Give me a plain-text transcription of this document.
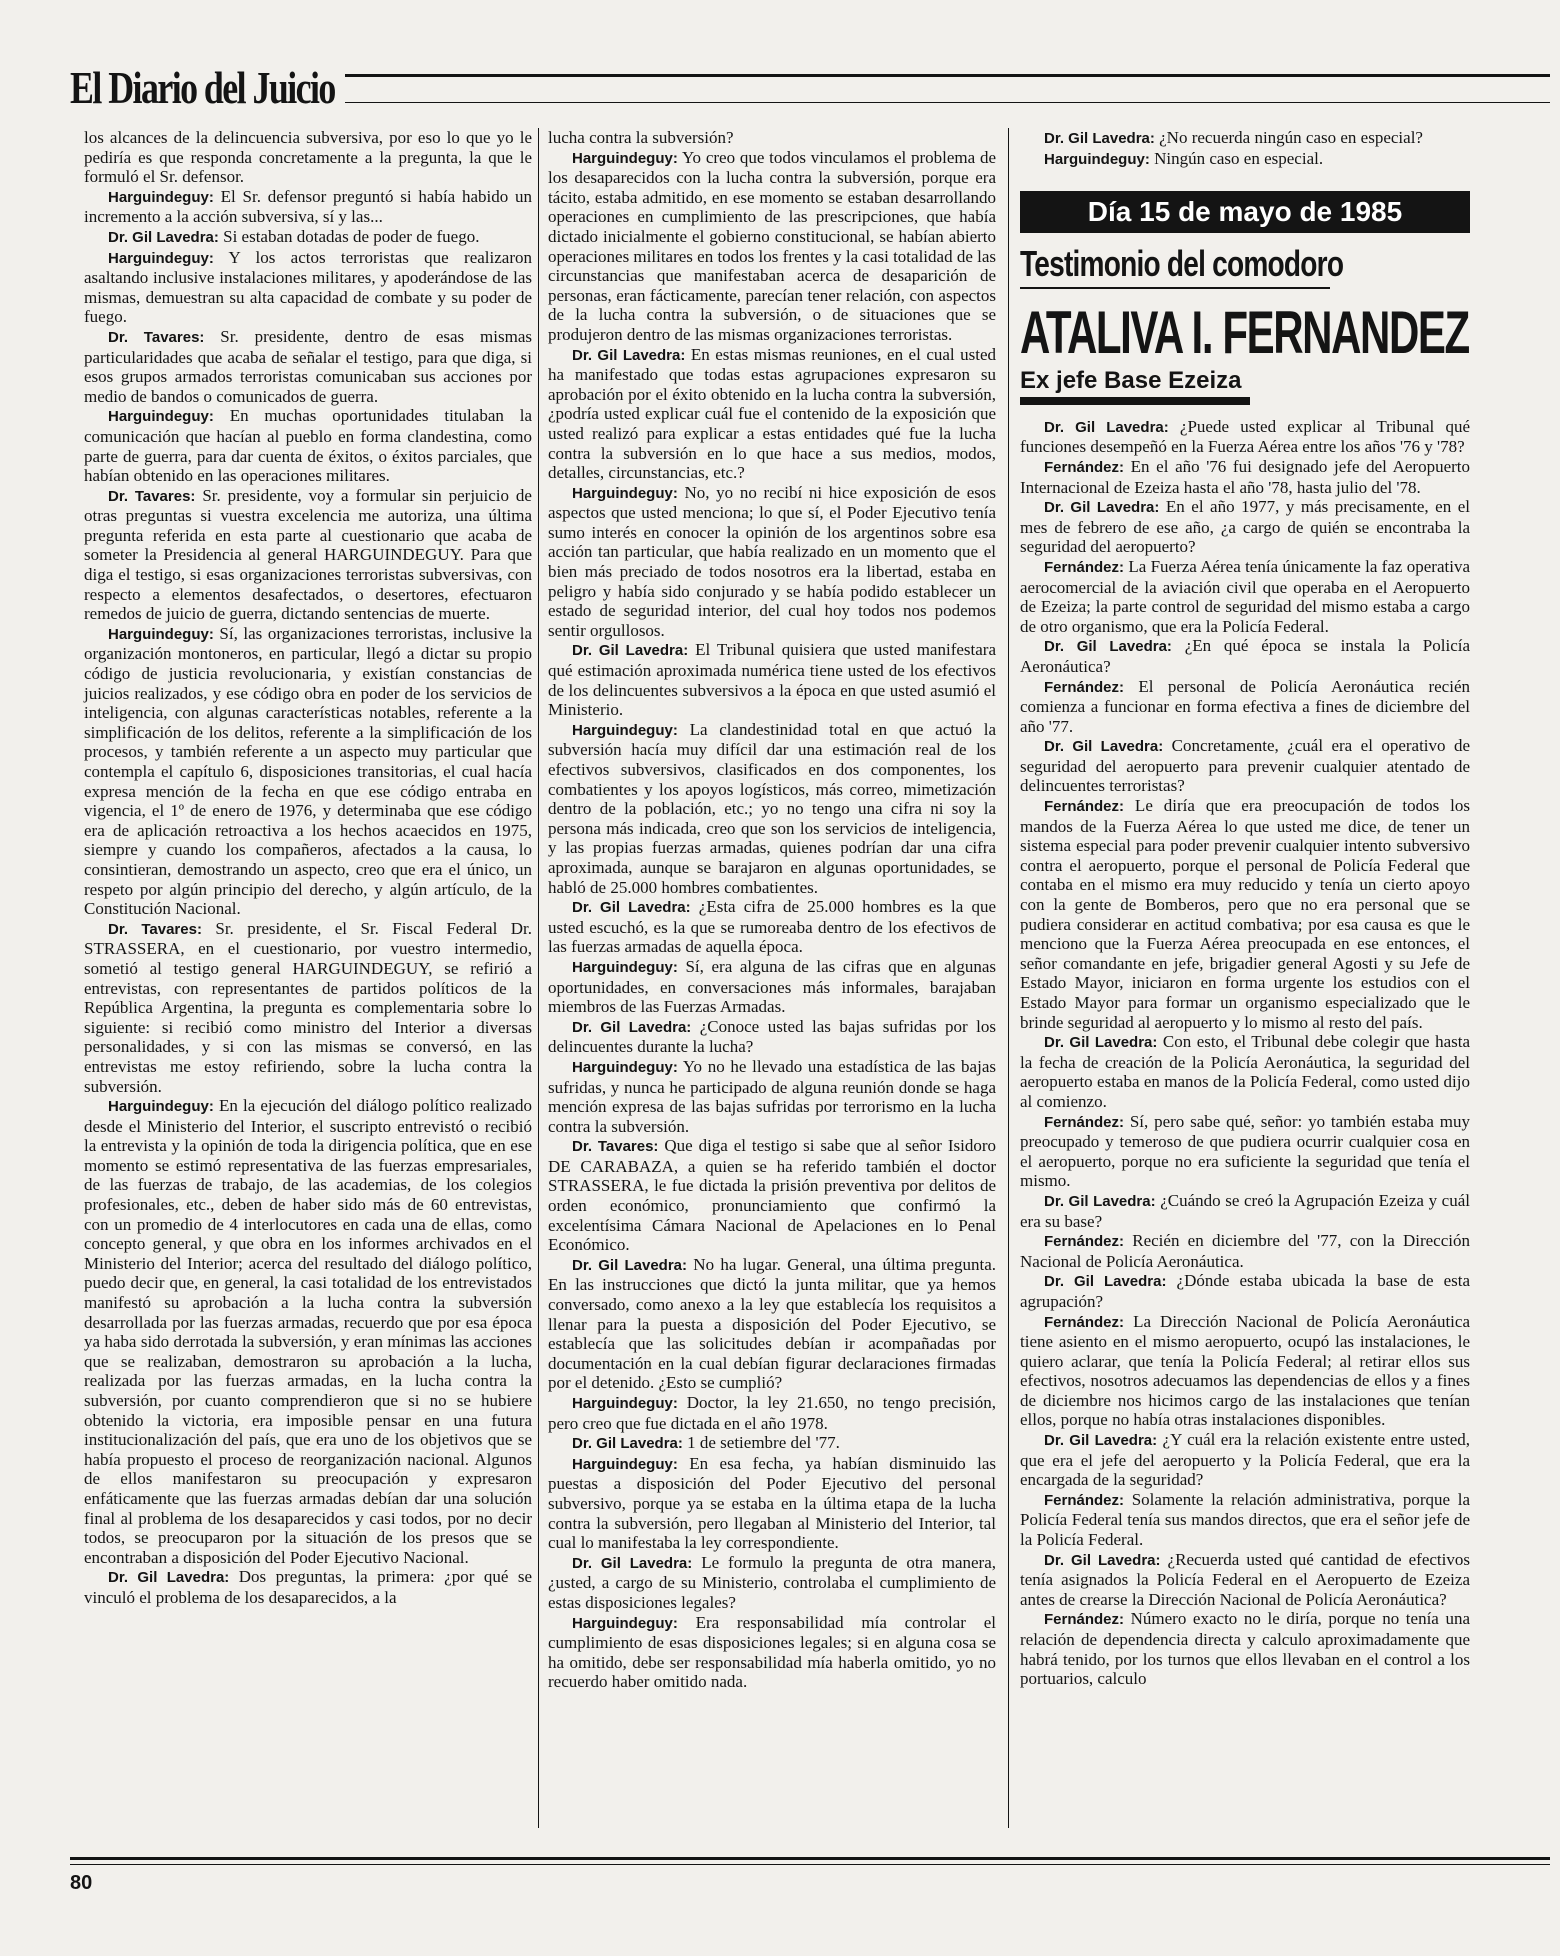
El Diario del Juicio

los alcances de la delincuencia subversiva, por eso lo que yo le pediría es que responda concretamente a la pregunta, la que le formuló el Sr. defensor.

Harguindeguy: El Sr. defensor preguntó si había habido un incremento a la acción subversiva, sí y las...

Dr. Gil Lavedra: Si estaban dotadas de poder de fuego.

Harguindeguy: Y los actos terroristas que realizaron asaltando inclusive instalaciones militares, y apoderándose de las mismas, demuestran su alta capacidad de combate y su poder de fuego.

Dr. Tavares: Sr. presidente, dentro de esas mismas particularidades que acaba de señalar el testigo, para que diga, si esos grupos armados terroristas comunicaban sus acciones por medio de bandos o comunicados de guerra.

Harguindeguy: En muchas oportunidades titulaban la comunicación que hacían al pueblo en forma clandestina, como parte de guerra, para dar cuenta de éxitos, o éxitos parciales, que habían obtenido en las operaciones militares.

Dr. Tavares: Sr. presidente, voy a formular sin perjuicio de otras preguntas si vuestra excelencia me autoriza, una última pregunta referida en esta parte al cuestionario que acaba de someter la Presidencia al general HARGUINDEGUY. Para que diga el testigo, si esas organizaciones terroristas subversivas, con respecto a elementos desafectados, o desertores, efectuaron remedos de juicio de guerra, dictando sentencias de muerte.

Harguindeguy: Sí, las organizaciones terroristas, inclusive la organización montoneros, en particular, llegó a dictar su propio código de justicia revolucionaria, y existían constancias de juicios realizados, y ese código obra en poder de los servicios de inteligencia, con algunas características notables, referente a la simplificación de los delitos, referente a la simplificación de los procesos, y también referente a un aspecto muy particular que contempla el capítulo 6, disposiciones transitorias, el cual hacía expresa mención de la fecha en que ese código entraba en vigencia, el 1º de enero de 1976, y determinaba que ese código era de aplicación retroactiva a los hechos acaecidos en 1975, siempre y cuando los compañeros, afectados a la causa, lo consintieran, demostrando un aspecto, creo que era el único, un respeto por algún principio del derecho, y algún artículo, de la Constitución Nacional.

Dr. Tavares: Sr. presidente, el Sr. Fiscal Federal Dr. STRASSERA, en el cuestionario, por vuestro intermedio, sometió al testigo general HARGUINDEGUY, se refirió a entrevistas, con representantes de partidos políticos de la República Argentina, la pregunta es complementaria sobre lo siguiente: si recibió como ministro del Interior a diversas personalidades, y si con las mismas se conversó, en las entrevistas me estoy refiriendo, sobre la lucha contra la subversión.

Harguindeguy: En la ejecución del diálogo político realizado desde el Ministerio del Interior, el suscripto entrevistó o recibió la entrevista y la opinión de toda la dirigencia política, que en ese momento se estimó representativa de las fuerzas empresariales, de las fuerzas de trabajo, de las academias, de los colegios profesionales, etc., deben de haber sido más de 60 entrevistas, con un promedio de 4 interlocutores en cada una de ellas, como concepto general, y que obra en los informes archivados en el Ministerio del Interior; acerca del resultado del diálogo político, puedo decir que, en general, la casi totalidad de los entrevistados manifestó su aprobación a la lucha contra la subversión desarrollada por las fuerzas armadas, recuerdo que por esa época ya haba sido derrotada la subversión, y eran mínimas las acciones que se realizaban, demostraron su aprobación a la lucha, realizada por las fuerzas armadas, en la lucha contra la subversión, por cuanto comprendieron que si no se hubiere obtenido la victoria, era imposible pensar en una futura institucionalización del país, que era uno de los objetivos que se había propuesto el proceso de reorganización nacional. Algunos de ellos manifestaron su preocupación y expresaron enfáticamente que las fuerzas armadas debían dar una solución final al problema de los desaparecidos y casi todos, por no decir todos, se preocuparon por la situación de los presos que se encontraban a disposición del Poder Ejecutivo Nacional.

Dr. Gil Lavedra: Dos preguntas, la primera: ¿por qué se vinculó el problema de los desaparecidos, a la

lucha contra la subversión?

Harguindeguy: Yo creo que todos vinculamos el problema de los desaparecidos con la lucha contra la subversión, porque era tácito, estaba admitido, en ese momento se estaban desarrollando operaciones en cumplimiento de las prescripciones, que había dictado inicialmente el gobierno constitucional, se habían abierto operaciones militares en todos los frentes y la casi totalidad de las circunstancias que manifestaban acerca de desaparición de personas, eran fácticamente, parecían tener relación, con aspectos de la lucha contra la subversión, o de situaciones que se produjeron dentro de las mismas organizaciones terroristas.

Dr. Gil Lavedra: En estas mismas reuniones, en el cual usted ha manifestado que todas estas agrupaciones expresaron su aprobación por el éxito obtenido en la lucha contra la subversión, ¿podría usted explicar cuál fue el contenido de la exposición que usted realizó para explicar a estas entidades qué fue la lucha contra la subversión en lo que hace a sus medios, modos, detalles, circunstancias, etc.?

Harguindeguy: No, yo no recibí ni hice exposición de esos aspectos que usted menciona; lo que sí, el Poder Ejecutivo tenía sumo interés en conocer la opinión de los argentinos sobre esa acción tan particular, que había realizado en un momento que el bien más preciado de todos nosotros era la libertad, estaba en peligro y había sido conjurado y se había podido establecer un estado de seguridad interior, del cual hoy todos nos podemos sentir orgullosos.

Dr. Gil Lavedra: El Tribunal quisiera que usted manifestara qué estimación aproximada numérica tiene usted de los efectivos de los delincuentes subversivos a la época en que usted asumió el Ministerio.

Harguindeguy: La clandestinidad total en que actuó la subversión hacía muy difícil dar una estimación real de los efectivos subversivos, clasificados en dos componentes, los combatientes y los apoyos logísticos, más correo, mimetización dentro de la población, etc.; yo no tengo una cifra ni soy la persona más indicada, creo que son los servicios de inteligencia, y las propias fuerzas armadas, quienes podrían dar una cifra aproximada, aunque se barajaron en algunas oportunidades, se habló de 25.000 hombres combatientes.

Dr. Gil Lavedra: ¿Esta cifra de 25.000 hombres es la que usted escuchó, es la que se rumoreaba dentro de los efectivos de las fuerzas armadas de aquella época.

Harguindeguy: Sí, era alguna de las cifras que en algunas oportunidades, en conversaciones más informales, barajaban miembros de las Fuerzas Armadas.

Dr. Gil Lavedra: ¿Conoce usted las bajas sufridas por los delincuentes durante la lucha?

Harguindeguy: Yo no he llevado una estadística de las bajas sufridas, y nunca he participado de alguna reunión donde se haga mención expresa de las bajas sufridas por terrorismo en la lucha contra la subversión.

Dr. Tavares: Que diga el testigo si sabe que al señor Isidoro DE CARABAZA, a quien se ha referido también el doctor STRASSERA, le fue dictada la prisión preventiva por delitos de orden económico, pronunciamiento que confirmó la excelentísima Cámara Nacional de Apelaciones en lo Penal Económico.

Dr. Gil Lavedra: No ha lugar. General, una última pregunta. En las instrucciones que dictó la junta militar, que ya hemos conversado, como anexo a la ley que establecía los requisitos a llenar para la puesta a disposición del Poder Ejecutivo, se establecía que las solicitudes debían ir acompañadas por documentación en la cual debían figurar declaraciones firmadas por el detenido. ¿Esto se cumplió?

Harguindeguy: Doctor, la ley 21.650, no tengo precisión, pero creo que fue dictada en el año 1978.

Dr. Gil Lavedra: 1 de setiembre del '77.

Harguindeguy: En esa fecha, ya habían disminuido las puestas a disposición del Poder Ejecutivo del personal subversivo, porque ya se estaba en la última etapa de la lucha contra la subversión, pero llegaban al Ministerio del Interior, tal cual lo manifestaba la ley correspondiente.

Dr. Gil Lavedra: Le formulo la pregunta de otra manera, ¿usted, a cargo de su Ministerio, controlaba el cumplimiento de estas disposiciones legales?

Harguindeguy: Era responsabilidad mía controlar el cumplimiento de esas disposiciones legales; si en alguna cosa se ha omitido, debe ser responsabilidad mía haberla omitido, yo no recuerdo haber omitido nada.

Dr. Gil Lavedra: ¿No recuerda ningún caso en especial?

Harguindeguy: Ningún caso en especial.

Día 15 de mayo de 1985
Testimonio del comodoro
ATALIVA I. FERNANDEZ
Ex jefe Base Ezeiza

Dr. Gil Lavedra: ¿Puede usted explicar al Tribunal qué funciones desempeñó en la Fuerza Aérea entre los años '76 y '78?

Fernández: En el año '76 fui designado jefe del Aeropuerto Internacional de Ezeiza hasta el año '78, hasta julio del '78.

Dr. Gil Lavedra: En el año 1977, y más precisamente, en el mes de febrero de ese año, ¿a cargo de quién se encontraba la seguridad del aeropuerto?

Fernández: La Fuerza Aérea tenía únicamente la faz operativa aerocomercial de la aviación civil que operaba en el Aeropuerto de Ezeiza; la parte control de seguridad del mismo estaba a cargo de otro organismo, que era la Policía Federal.

Dr. Gil Lavedra: ¿En qué época se instala la Policía Aeronáutica?

Fernández: El personal de Policía Aeronáutica recién comienza a funcionar en forma efectiva a fines de diciembre del año '77.

Dr. Gil Lavedra: Concretamente, ¿cuál era el operativo de seguridad del aeropuerto para prevenir cualquier atentado de delincuentes terroristas?

Fernández: Le diría que era preocupación de todos los mandos de la Fuerza Aérea lo que usted me dice, de tener un sistema especial para poder prevenir cualquier intento subversivo contra el aeropuerto, porque el personal de Policía Federal que contaba en el mismo era muy reducido y tenía un cierto apoyo con la gente de Bomberos, pero que no era personal que se pudiera considerar en actitud combativa; por esa causa es que le menciono que la Fuerza Aérea preocupada en ese entonces, el señor comandante en jefe, brigadier general Agosti y su Jefe de Estado Mayor, iniciaron en forma urgente los estudios con el Estado Mayor para formar un organismo especializado que le brinde seguridad al aeropuerto y lo mismo al resto del país.

Dr. Gil Lavedra: Con esto, el Tribunal debe colegir que hasta la fecha de creación de la Policía Aeronáutica, la seguridad del aeropuerto estaba en manos de la Policía Federal, como usted dijo al comienzo.

Fernández: Sí, pero sabe qué, señor: yo también estaba muy preocupado y temeroso de que pudiera ocurrir cualquier cosa en el aeropuerto, porque no era suficiente la seguridad que tenía el mismo.

Dr. Gil Lavedra: ¿Cuándo se creó la Agrupación Ezeiza y cuál era su base?

Fernández: Recién en diciembre del '77, con la Dirección Nacional de Policía Aeronáutica.

Dr. Gil Lavedra: ¿Dónde estaba ubicada la base de esta agrupación?

Fernández: La Dirección Nacional de Policía Aeronáutica tiene asiento en el mismo aeropuerto, ocupó las instalaciones, le quiero aclarar, que tenía la Policía Federal; al retirar ellos sus efectivos, nosotros adecuamos las dependencias de ellos y a fines de diciembre nos hicimos cargo de las instalaciones que tenían ellos, porque no había otras instalaciones disponibles.

Dr. Gil Lavedra: ¿Y cuál era la relación existente entre usted, que era el jefe del aeropuerto y la Policía Federal, que era la encargada de la seguridad?

Fernández: Solamente la relación administrativa, porque la Policía Federal tenía sus mandos directos, que era el señor jefe de la Policía Federal.

Dr. Gil Lavedra: ¿Recuerda usted qué cantidad de efectivos tenía asignados la Policía Federal en el Aeropuerto de Ezeiza antes de crearse la Dirección Nacional de Policía Aeronáutica?

Fernández: Número exacto no le diría, porque no tenía una relación de dependencia directa y calculo aproximadamente que habrá tenido, por los turnos que ellos llevaban en el control a los portuarios, calculo

80
